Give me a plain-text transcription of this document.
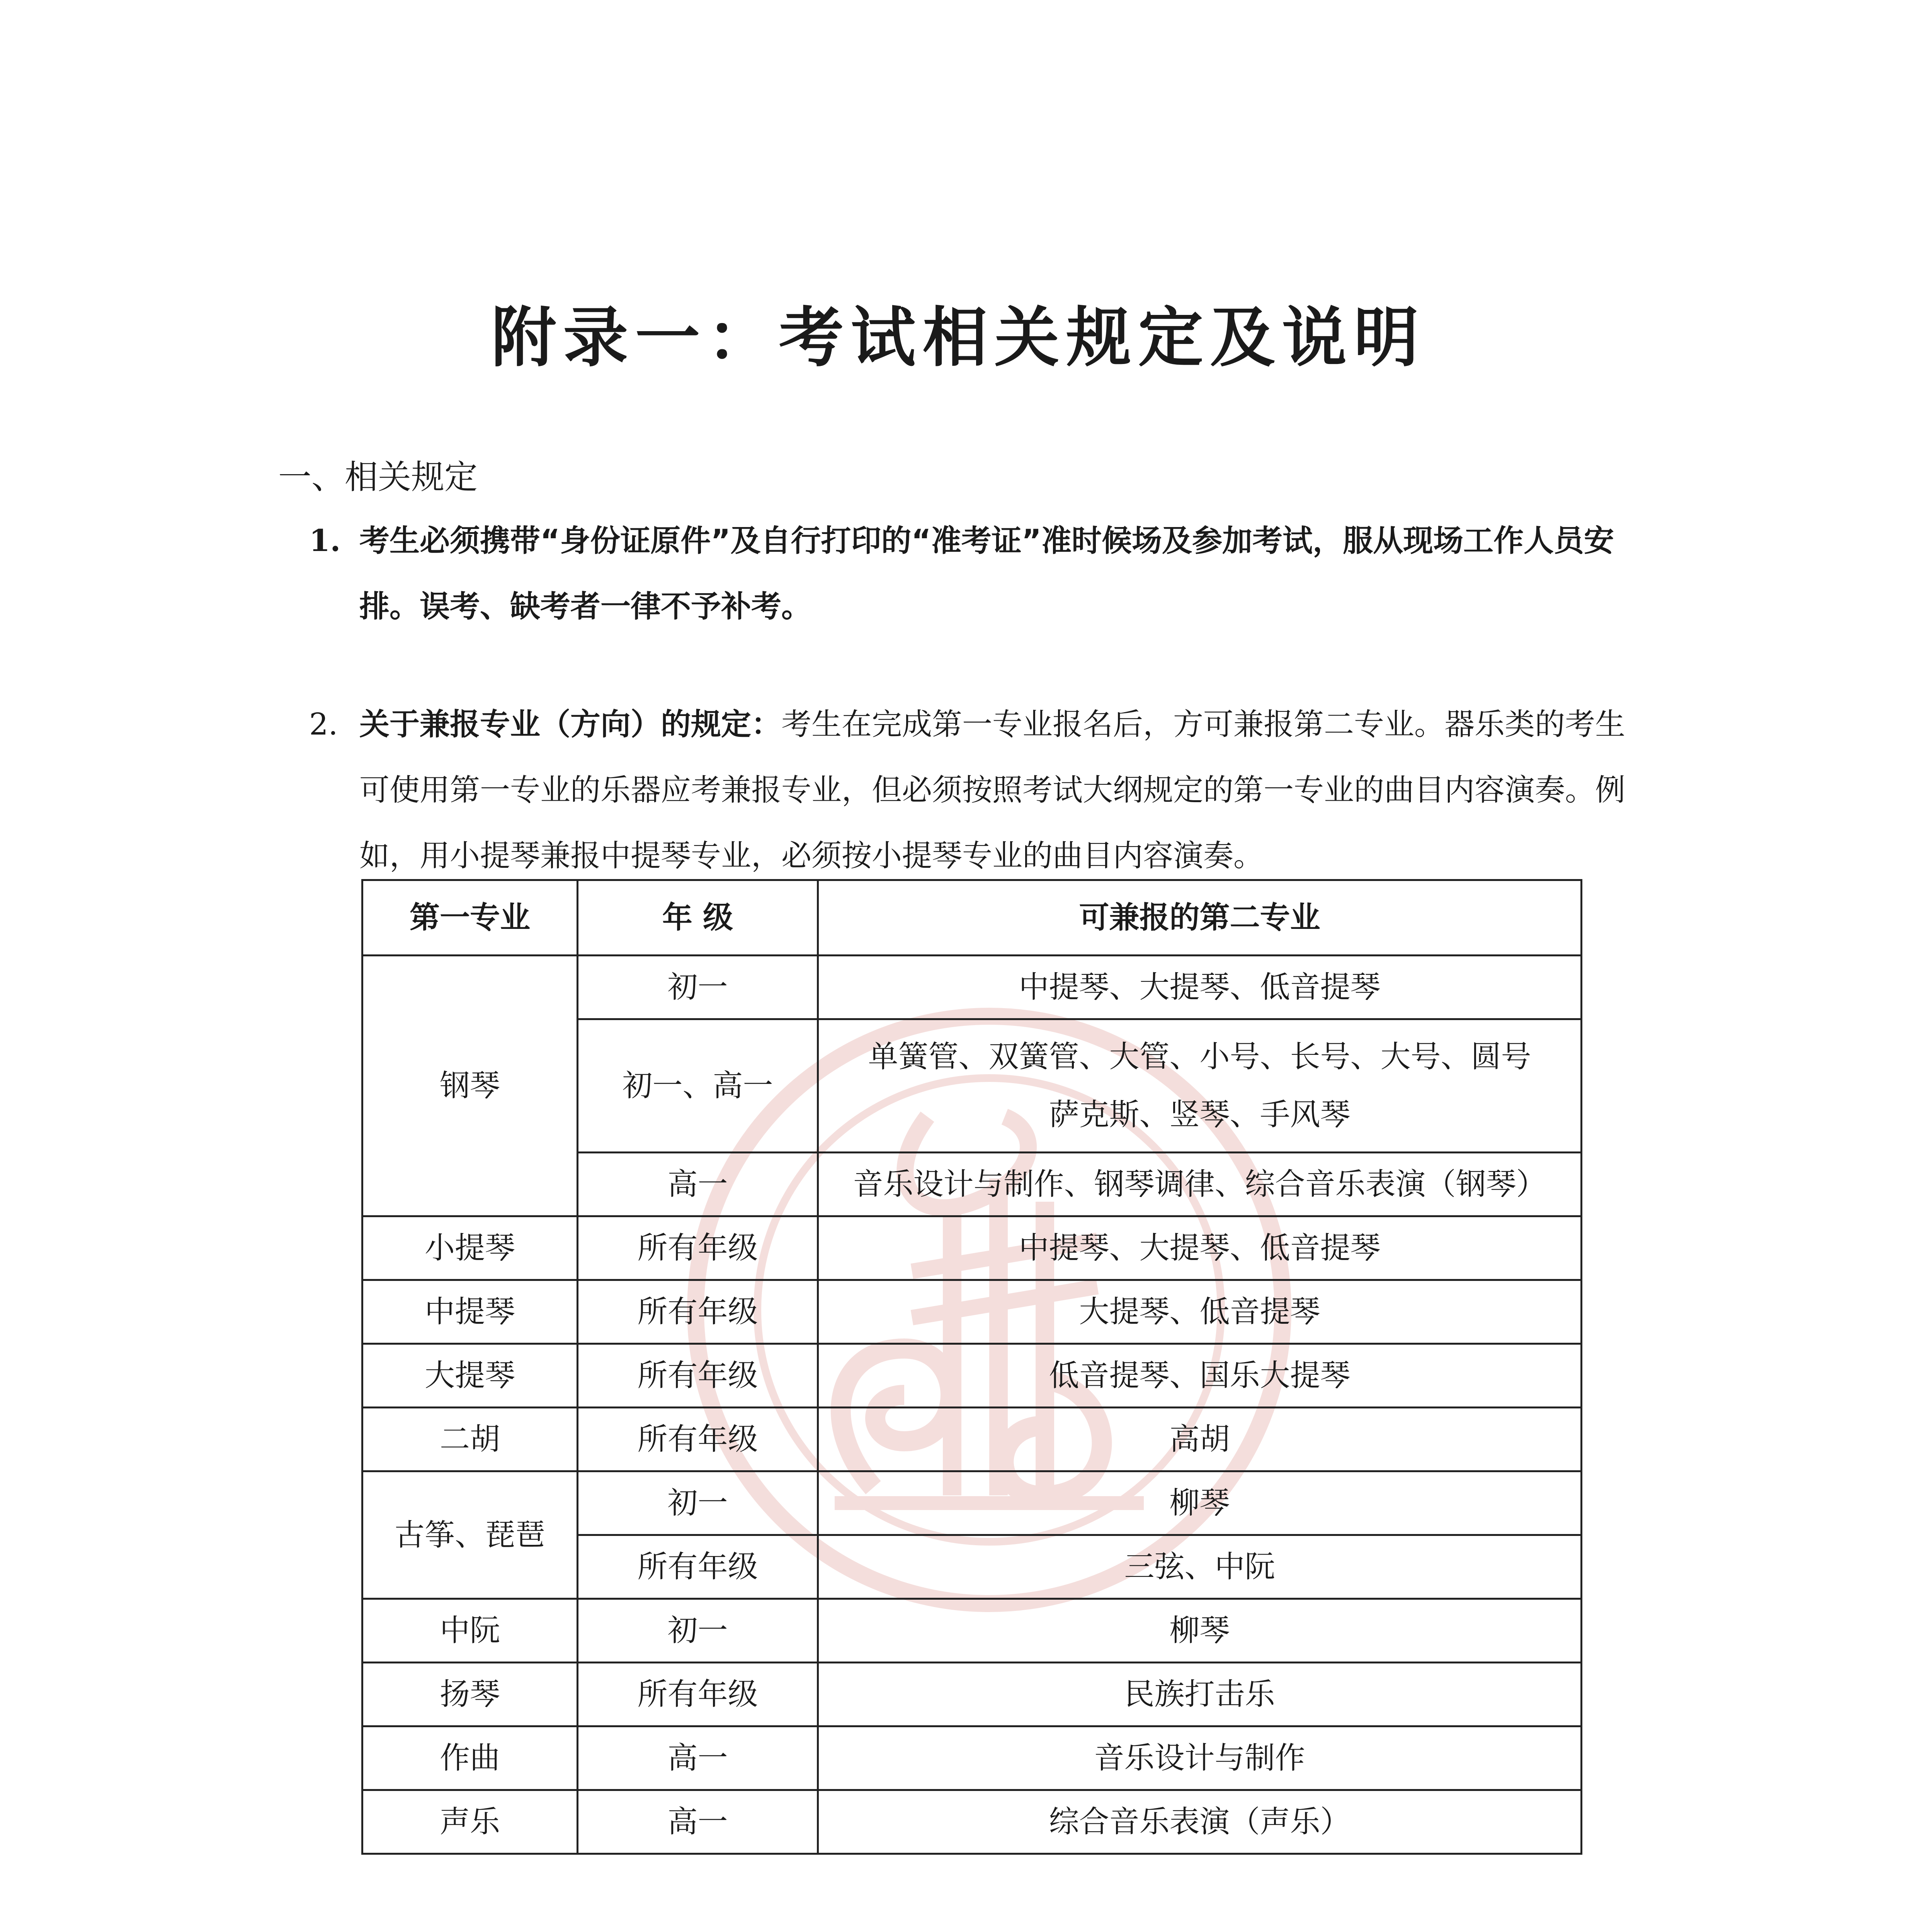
附录一：考试相关规定及说明
一、相关规定
1. 考生必须携带“身份证原件”及自行打印的“准考证”准时候场及参加考试，服从现场工作人员安排。误考、缺考者一律不予补考。
2. 关于兼报专业（方向）的规定：考生在完成第一专业报名后，方可兼报第二专业。器乐类的考生可使用第一专业的乐器应考兼报专业，但必须按照考试大纲规定的第一专业的曲目内容演奏。例如，用小提琴兼报中提琴专业，必须按小提琴专业的曲目内容演奏。
第一专业	年 级	可兼报的第二专业
钢琴	初一	中提琴、大提琴、低音提琴
	初一、高一	单簧管、双簧管、大管、小号、长号、大号、圆号
萨克斯、竖琴、手风琴

	高一	音乐设计与制作、钢琴调律、综合音乐表演（钢琴）
小提琴	所有年级	中提琴、大提琴、低音提琴
中提琴	所有年级	大提琴、低音提琴
大提琴	所有年级	低音提琴、国乐大提琴
二胡	所有年级	高胡
古筝、琵琶	初一	柳琴
	所有年级	三弦、中阮
中阮	初一	柳琴
扬琴	所有年级	民族打击乐
作曲	高一	音乐设计与制作
声乐	高一	综合音乐表演（声乐）
